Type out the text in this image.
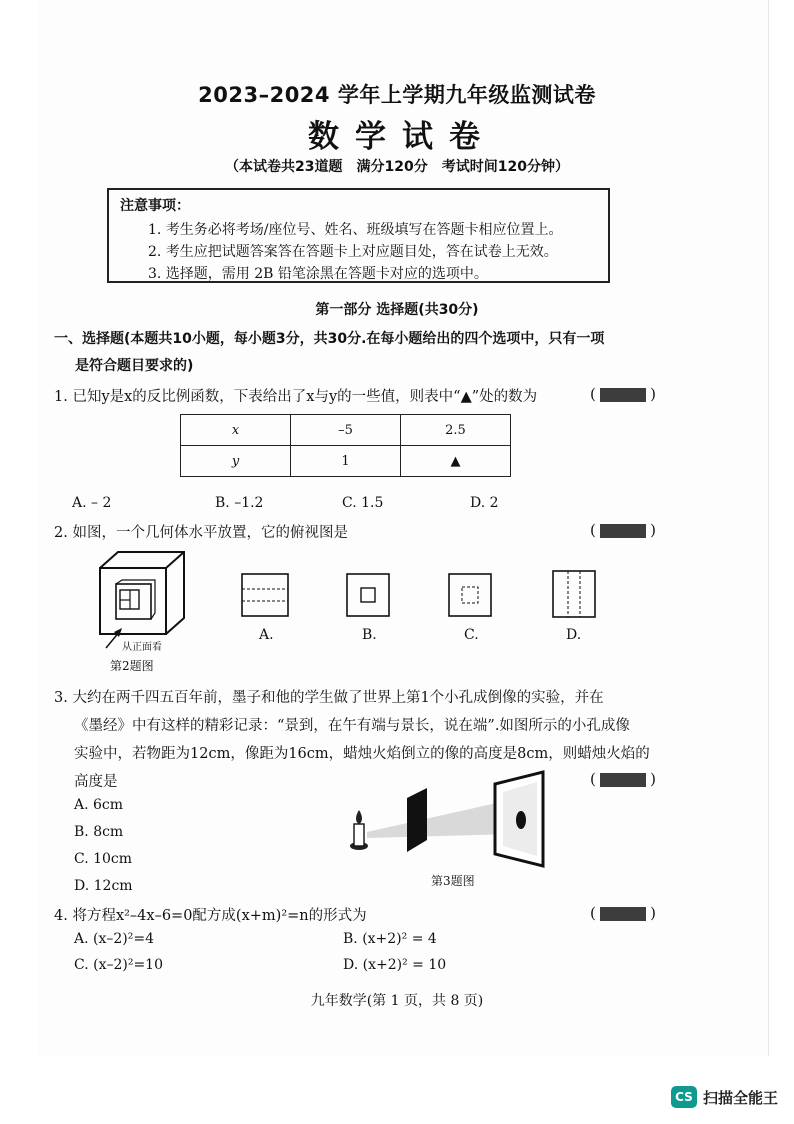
2023–2024 学年上学期九年级监测试卷
数学试卷
（本试卷共23道题　满分120分　考试时间120分钟）
注意事项：
1. 考生务必将考场/座位号、姓名、班级填写在答题卡相应位置上。
2. 考生应把试题答案答在答题卡上对应题目处，答在试卷上无效。
3. 选择题，需用 2B 铅笔涂黑在答题卡对应的选项中。
第一部分 选择题(共30分)
一、选择题(本题共10小题，每小题3分，共30分.在每小题给出的四个选项中，只有一项
是符合题目要求的)
1. 已知y是x的反比例函数，下表给出了x与y的一些值，则表中“▲”处的数为	(	)
x	–5	2.5
y	1	▲
A. – 2	B. –1.2	C. 1.5	D. 2
2. 如图，一个几何体水平放置，它的俯视图是	(	)
从正面看
第2题图
A.	B.	C.	D.
3. 大约在两千四五百年前，墨子和他的学生做了世界上第1个小孔成倒像的实验，并在
《墨经》中有这样的精彩记录：“景到，在午有端与景长，说在端”.如图所示的小孔成像
实验中，若物距为12cm，像距为16cm，蜡烛火焰倒立的像的高度是8cm，则蜡烛火焰的
高度是	(	)
A. 6cm
B. 8cm
C. 10cm
D. 12cm	第3题图
4. 将方程x²–4x–6=0配方成(x+m)²=n的形式为	(	)
A. (x–2)²=4	B. (x+2)² = 4
C. (x–2)²=10	D. (x+2)² = 10
九年数学(第 1 页，共 8 页)
CS 扫描全能王
